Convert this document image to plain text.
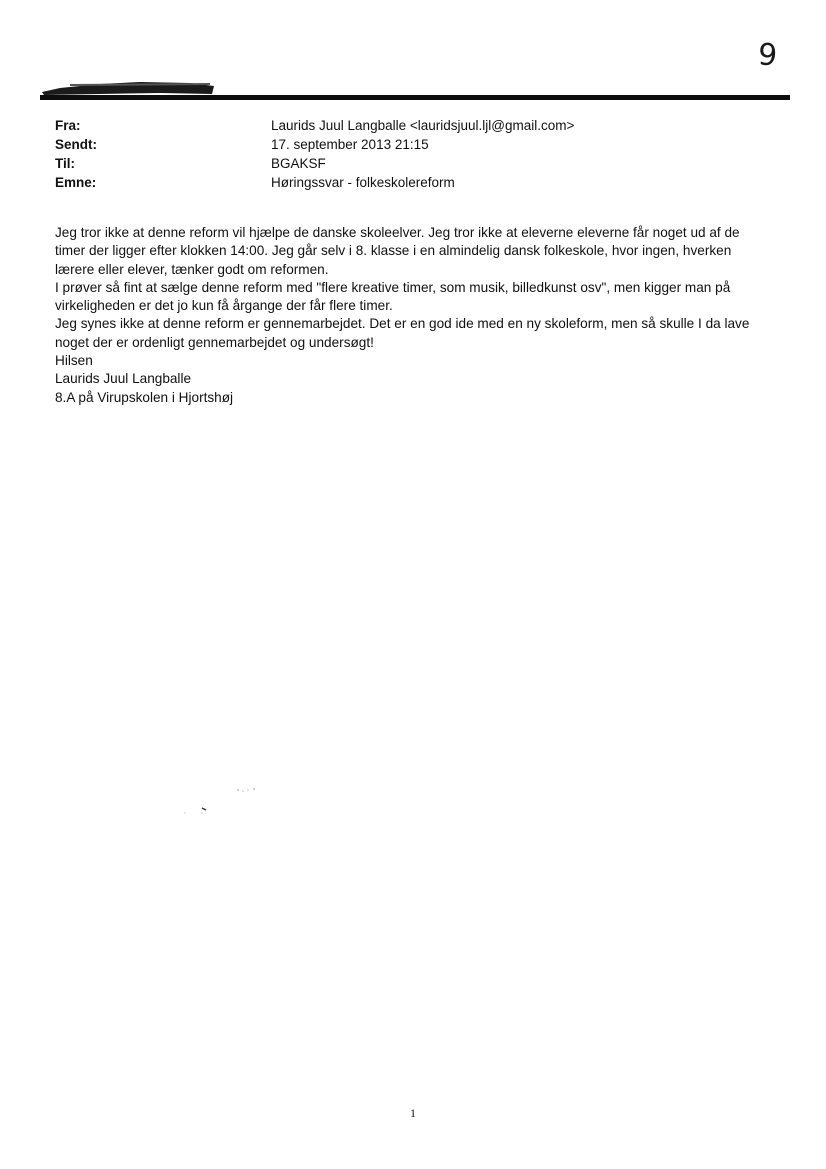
9
Fra:	Laurids Juul Langballe <lauridsjuul.ljl@gmail.com>
Sendt:	17. september 2013 21:15
Til:	BGAKSF
Emne:	Høringssvar - folkeskolereform

Jeg tror ikke at denne reform vil hjælpe de danske skoleelver. Jeg tror ikke at eleverne eleverne får noget ud af de

timer der ligger efter klokken 14:00. Jeg går selv i 8. klasse i en almindelig dansk folkeskole, hvor ingen, hverken

lærere eller elever, tænker godt om reformen.

I prøver så fint at sælge denne reform med "flere kreative timer, som musik, billedkunst osv", men kigger man på

virkeligheden er det jo kun få årgange der får flere timer.

Jeg synes ikke at denne reform er gennemarbejdet. Det er en god ide med en ny skoleform, men så skulle I da lave

noget der er ordenligt gennemarbejdet og undersøgt!

Hilsen

Laurids Juul Langballe

8.A på Virupskolen i Hjortshøj

1
